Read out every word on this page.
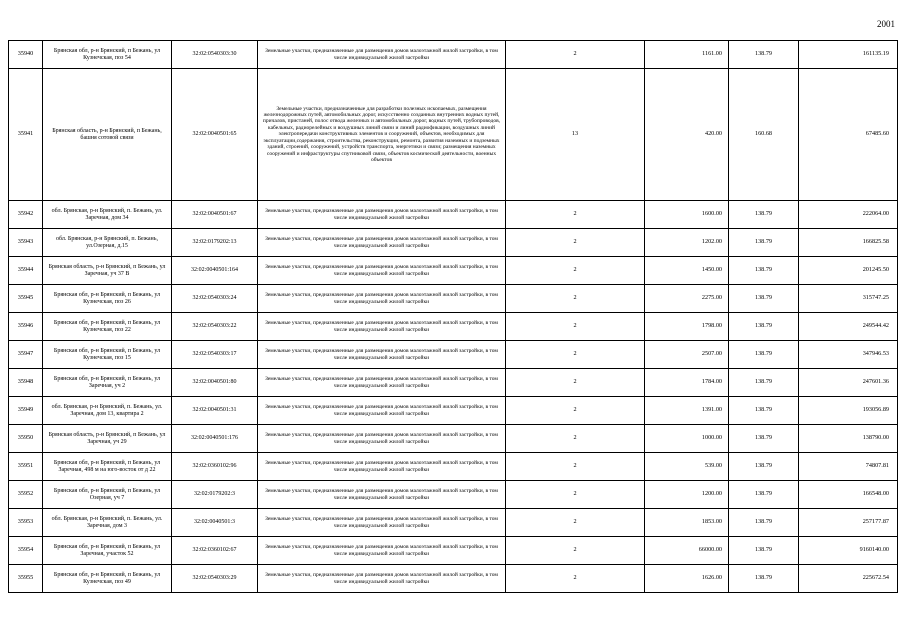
2001
35940	Брянская обл, р-н Брянский, п Бежань, ул Кузнечская, поз 54	32:02:0540303:30	Земельные участки, предназначенные для размещения домов малоэтажной жилой застройки, в том числе индивидуальной жилой застройки	2	1161.00	138.79	161135.19
35941	Брянская область, р-н Брянский, п Бежань, башня сотовой связи	32:02:0040501:65	Земельные участки, предназначенные для разработки полезных ископаемых, размещения железнодорожных путей, автомобильных дорог, искусственно созданных внутренних водных путей, причалов, пристаней, полос отвода железных и автомобильных дорог, водных путей, трубопроводов, кабельных, радиорелейных и воздушных линий связи и линий радиофикации, воздушных линий электропередачи конструктивных элементов и сооружений, объектов, необходимых для эксплуатации,содержания, строительства, реконструкции, ремонта, развития наземных и подземных зданий, строений, сооружений, устройств транспорта, энергетики и связи; размещения наземных сооружений и инфраструктуры спутниковой связи, объектов космической деятельности, военных объектов	13	420.00	160.68	67485.60
35942	обл. Брянская, р-н Брянский, п. Бежань, ул. Заречная, дом 34	32:02:0040501:67	Земельные участки, предназначенные для размещения домов малоэтажной жилой застройки, в том числе индивидуальной жилой застройки	2	1600.00	138.79	222064.00
35943	обл. Брянская, р-н Брянский, п. Бежань, ул.Озерная, д.15	32:02:0179202:13	Земельные участки, предназначенные для размещения домов малоэтажной жилой застройки, в том числе индивидуальной жилой застройки	2	1202.00	138.79	166825.58
35944	Брянская область, р-н Брянский, п Бежань, ул Заречная, уч 37 В	32:02:0040501:164	Земельные участки, предназначенные для размещения домов малоэтажной жилой застройки, в том числе индивидуальной жилой застройки	2	1450.00	138.79	201245.50
35945	Брянская обл, р-н Брянский, п Бежань, ул Кузнечская, поз 26	32:02:0540303:24	Земельные участки, предназначенные для размещения домов малоэтажной жилой застройки, в том числе индивидуальной жилой застройки	2	2275.00	138.79	315747.25
35946	Брянская обл, р-н Брянский, п Бежань, ул Кузнечская, поз 22	32:02:0540303:22	Земельные участки, предназначенные для размещения домов малоэтажной жилой застройки, в том числе индивидуальной жилой застройки	2	1798.00	138.79	249544.42
35947	Брянская обл, р-н Брянский, п Бежань, ул Кузнечская, поз 15	32:02:0540303:17	Земельные участки, предназначенные для размещения домов малоэтажной жилой застройки, в том числе индивидуальной жилой застройки	2	2507.00	138.79	347946.53
35948	Брянская обл, р-н Брянский, п Бежань, ул Заречная, уч 2	32:02:0040501:80	Земельные участки, предназначенные для размещения домов малоэтажной жилой застройки, в том числе индивидуальной жилой застройки	2	1784.00	138.79	247601.36
35949	обл. Брянская, р-н Брянский, п. Бежань, ул. Заречная, дом 13, квартира 2	32:02:0040501:31	Земельные участки, предназначенные для размещения домов малоэтажной жилой застройки, в том числе индивидуальной жилой застройки	2	1391.00	138.79	193056.89
35950	Брянская область, р-н Брянский, п Бежань, ул Заречная, уч 29	32:02:0040501:176	Земельные участки, предназначенные для размещения домов малоэтажной жилой застройки, в том числе индивидуальной жилой застройки	2	1000.00	138.79	138790.00
35951	Брянская обл, р-н Брянский, п Бежань, ул Заречная, 498 м на юго-восток от д 22	32:02:0360102:96	Земельные участки, предназначенные для размещения домов малоэтажной жилой застройки, в том числе индивидуальной жилой застройки	2	539.00	138.79	74807.81
35952	Брянская обл, р-н Брянский, п Бежань, ул Озерная, уч 7	32:02:0179202:3	Земельные участки, предназначенные для размещения домов малоэтажной жилой застройки, в том числе индивидуальной жилой застройки	2	1200.00	138.79	166548.00
35953	обл. Брянская, р-н Брянский, п. Бежань, ул. Заречная, дом 3	32:02:0040501:3	Земельные участки, предназначенные для размещения домов малоэтажной жилой застройки, в том числе индивидуальной жилой застройки	2	1853.00	138.79	257177.87
35954	Брянская обл, р-н Брянский, п Бежань, ул Заречная, участок 52	32:02:0360102:67	Земельные участки, предназначенные для размещения домов малоэтажной жилой застройки, в том числе индивидуальной жилой застройки	2	66000.00	138.79	9160140.00
35955	Брянская обл, р-н Брянский, п Бежань, ул Кузнечская, поз 49	32:02:0540303:29	Земельные участки, предназначенные для размещения домов малоэтажной жилой застройки, в том числе индивидуальной жилой застройки	2	1626.00	138.79	225672.54
